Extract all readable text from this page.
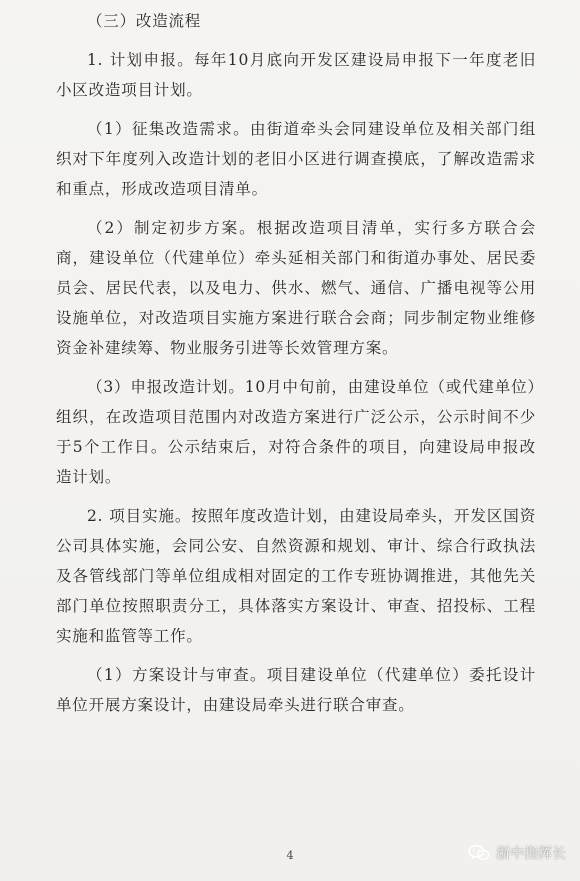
（三）改造流程

1. 计划申报。每年10月底向开发区建设局申报下一年度老旧小区改造项目计划。

（1）征集改造需求。由街道牵头会同建设单位及相关部门组织对下年度列入改造计划的老旧小区进行调查摸底，了解改造需求和重点，形成改造项目清单。

（2）制定初步方案。根据改造项目清单，实行多方联合会商，建设单位（代建单位）牵头延相关部门和街道办事处、居民委员会、居民代表，以及电力、供水、燃气、通信、广播电视等公用设施单位，对改造项目实施方案进行联合会商；同步制定物业维修资金补建续筹、物业服务引进等长效管理方案。

（3）申报改造计划。10月中旬前，由建设单位（或代建单位）组织，在改造项目范围内对改造方案进行广泛公示，公示时间不少于5个工作日。公示结束后，对符合条件的项目，向建设局申报改造计划。

2. 项目实施。按照年度改造计划，由建设局牵头，开发区国资公司具体实施，会同公安、自然资源和规划、审计、综合行政执法及各管线部门等单位组成相对固定的工作专班协调推进，其他先关部门单位按照职责分工，具体落实方案设计、审查、招投标、工程实施和监管等工作。

（1）方案设计与审查。项目建设单位（代建单位）委托设计单位开展方案设计，由建设局牵头进行联合审查。

4	浙中指挥长
